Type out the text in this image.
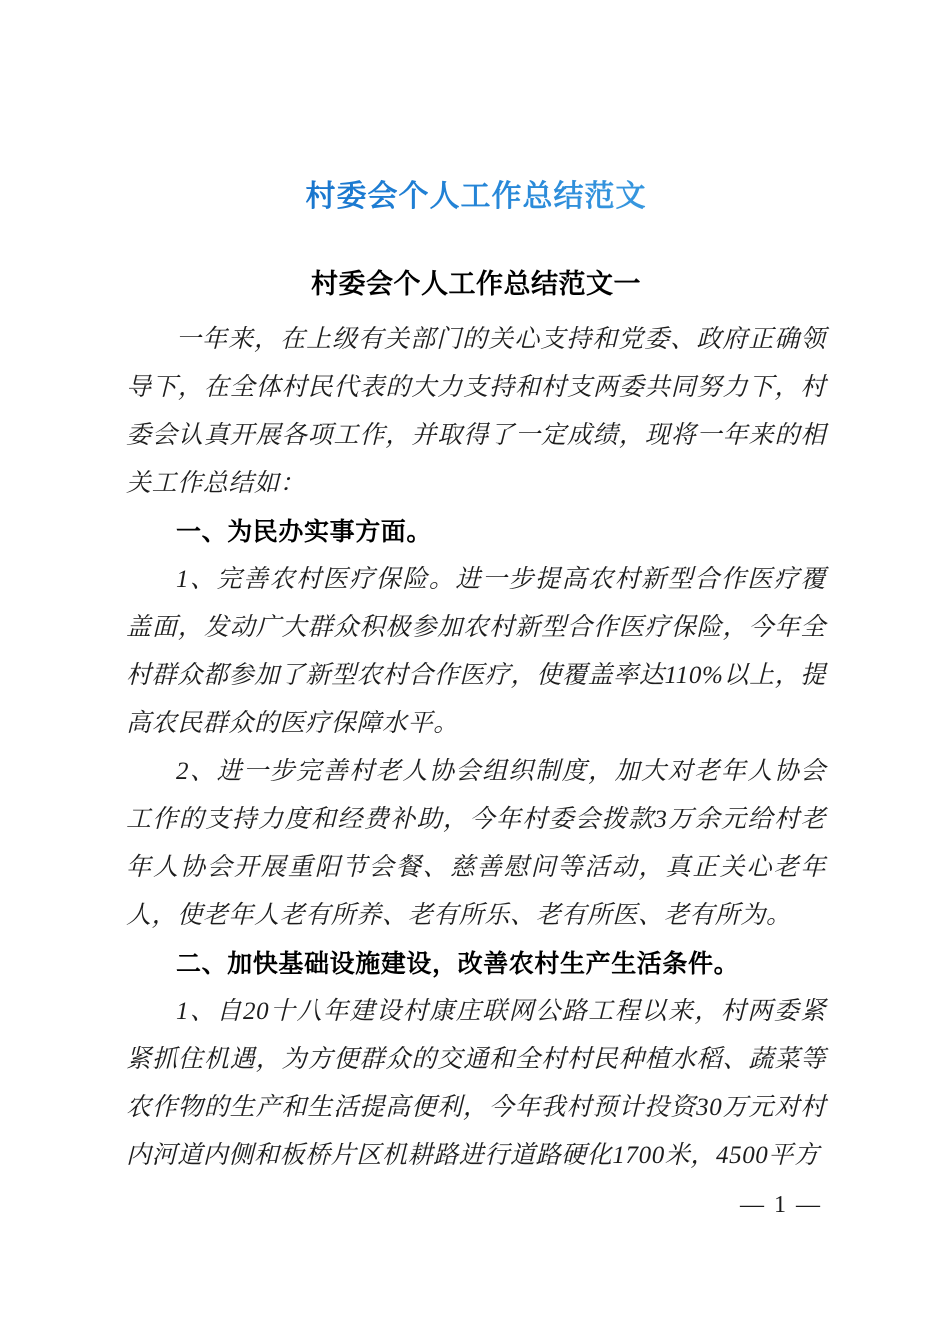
村委会个人工作总结范文
村委会个人工作总结范文一

一年来，在上级有关部门的关心支持和党委、政府正确领导下，在全体村民代表的大力支持和村支两委共同努力下，村委会认真开展各项工作，并取得了一定成绩，现将一年来的相关工作总结如：

一、为民办实事方面。

1、完善农村医疗保险。进一步提高农村新型合作医疗覆盖面，发动广大群众积极参加农村新型合作医疗保险，今年全村群众都参加了新型农村合作医疗，使覆盖率达110%以上，提高农民群众的医疗保障水平。

2、进一步完善村老人协会组织制度，加大对老年人协会工作的支持力度和经费补助，今年村委会拨款3万余元给村老年人协会开展重阳节会餐、慈善慰问等活动，真正关心老年人，使老年人老有所养、老有所乐、老有所医、老有所为。

二、加快基础设施建设，改善农村生产生活条件。

1、自20十八年建设村康庄联网公路工程以来，村两委紧紧抓住机遇，为方便群众的交通和全村村民种植水稻、蔬菜等农作物的生产和生活提高便利，今年我村预计投资30万元对村内河道内侧和板桥片区机耕路进行道路硬化1700米，4500平方

— 1 —
